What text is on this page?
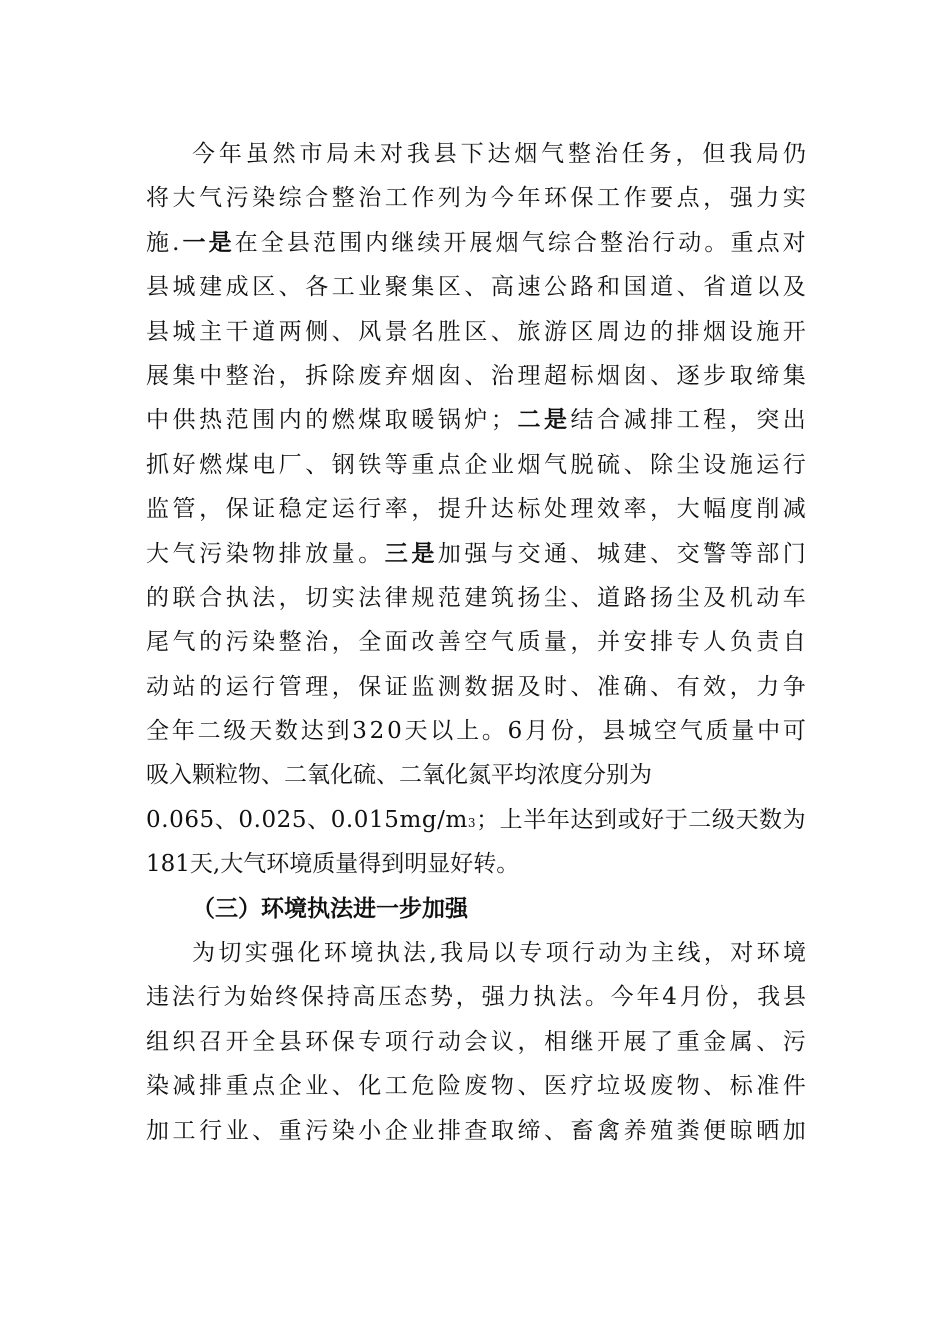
今 年 虽 然 市 局 未 对 我 县 下 达 烟 气 整 治 任 务 ， 但 我 局 仍
将 大 气 污 染 综 合 整 治 工 作 列 为 今 年 环 保 工 作 要 点 ， 强 力 实
施 . 一 是 在 全 县 范 围 内 继 续 开 展 烟 气 综 合 整 治 行 动 。 重 点 对
县 城 建 成 区 、 各 工 业 聚 集 区 、 高 速 公 路 和 国 道 、 省 道 以 及
县 城 主 干 道 两 侧 、 风 景 名 胜 区 、 旅 游 区 周 边 的 排 烟 设 施 开
展 集 中 整 治 ， 拆 除 废 弃 烟 囱 、 治 理 超 标 烟 囱 、 逐 步 取 缔 集
中 供 热 范 围 内 的 燃 煤 取 暖 锅 炉 ； 二 是 结 合 减 排 工 程 ， 突 出
抓 好 燃 煤 电 厂 、 钢 铁 等 重 点 企 业 烟 气 脱 硫 、 除 尘 设 施 运 行
监 管 ， 保 证 稳 定 运 行 率 ， 提 升 达 标 处 理 效 率 ， 大 幅 度 削 减
大 气 污 染 物 排 放 量 。 三 是 加 强 与 交 通 、 城 建 、 交 警 等 部 门
的 联 合 执 法 ， 切 实 法 律 规 范 建 筑 扬 尘 、 道 路 扬 尘 及 机 动 车
尾 气 的 污 染 整 治 ， 全 面 改 善 空 气 质 量 ， 并 安 排 专 人 负 责 自
动 站 的 运 行 管 理 ， 保 证 监 测 数 据 及 时 、 准 确 、 有 效 ， 力 争
全 年 二 级 天 数 达 到 3 2 0 天 以 上 。 6 月 份 ， 县 城 空 气 质 量 中 可
吸入颗粒物、二氧化硫、二氧化氮平均浓度分别为
0 . 0 6 5 、 0 . 0 2 5 、 0 . 0 1 5 m g / m 3 ； 上 半 年 达 到 或 好 于 二 级 天 数 为
181天,大气环境质量得到明显好转。
（三）环境执法进一步加强
为 切 实 强 化 环 境 执 法 , 我 局 以 专 项 行 动 为 主 线 ， 对 环 境
违 法 行 为 始 终 保 持 高 压 态 势 ， 强 力 执 法 。 今 年 4 月 份 ， 我 县
组 织 召 开 全 县 环 保 专 项 行 动 会 议 ， 相 继 开 展 了 重 金 属 、 污
染 减 排 重 点 企 业 、 化 工 危 险 废 物 、 医 疗 垃 圾 废 物 、 标 准 件
加 工 行 业 、 重 污 染 小 企 业 排 查 取 缔 、 畜 禽 养 殖 粪 便 晾 晒 加
